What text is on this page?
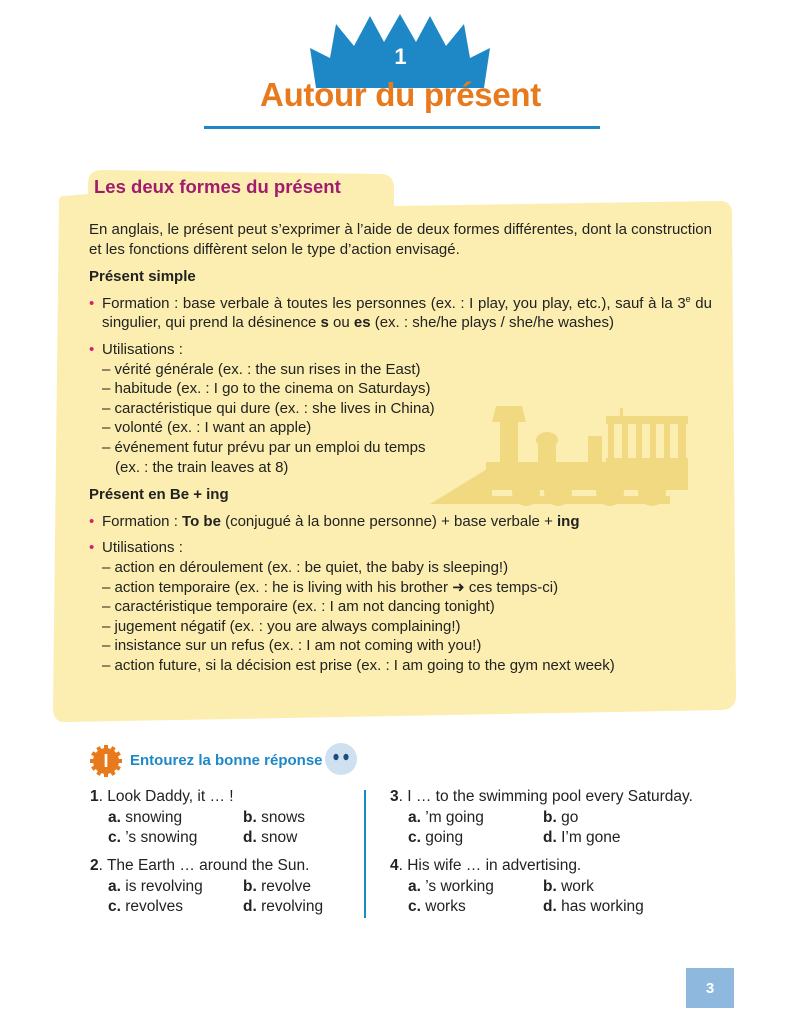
1
Autour du présent
Les deux formes du présent

En anglais, le présent peut s’exprimer à l’aide de deux formes différentes, dont la construction et les fonctions diffèrent selon le type d’action envisagé.

Présent simple

• Formation : base verbale à toutes les personnes (ex. : I play, you play, etc.), sauf à la 3e du singulier, qui prend la désinence s ou es (ex. : she/he plays / she/he washes)

• Utilisations :

– vérité générale (ex. : the sun rises in the East)

– habitude (ex. : I go to the cinema on Saturdays)

– caractéristique qui dure (ex. : she lives in China)

– volonté (ex. : I want an apple)

– événement futur prévu par un emploi du temps

(ex. : the train leaves at 8)

Présent en Be + ing

• Formation : To be (conjugué à la bonne personne) + base verbale + ing

• Utilisations :

– action en déroulement (ex. : be quiet, the baby is sleeping!)

– action temporaire (ex. : he is living with his brother ➜ ces temps-ci)

– caractéristique temporaire (ex. : I am not dancing tonight)

– jugement négatif (ex. : you are always complaining!)

– insistance sur un refus (ex. : I am not coming with you!)

– action future, si la décision est prise (ex. : I am going to the gym next week)

I Entourez la bonne réponse
1. Look Daddy, it … !
a. snowing	b. snows
c. ’s snowing	d. snow
2. The Earth … around the Sun.
a. is revolving	b. revolve
c. revolves	d. revolving
3. I … to the swimming pool every Saturday.
a. ’m going	b. go
c. going	d. I’m gone
4. His wife … in advertising.
a. ’s working	b. work
c. works	d. has working
3
